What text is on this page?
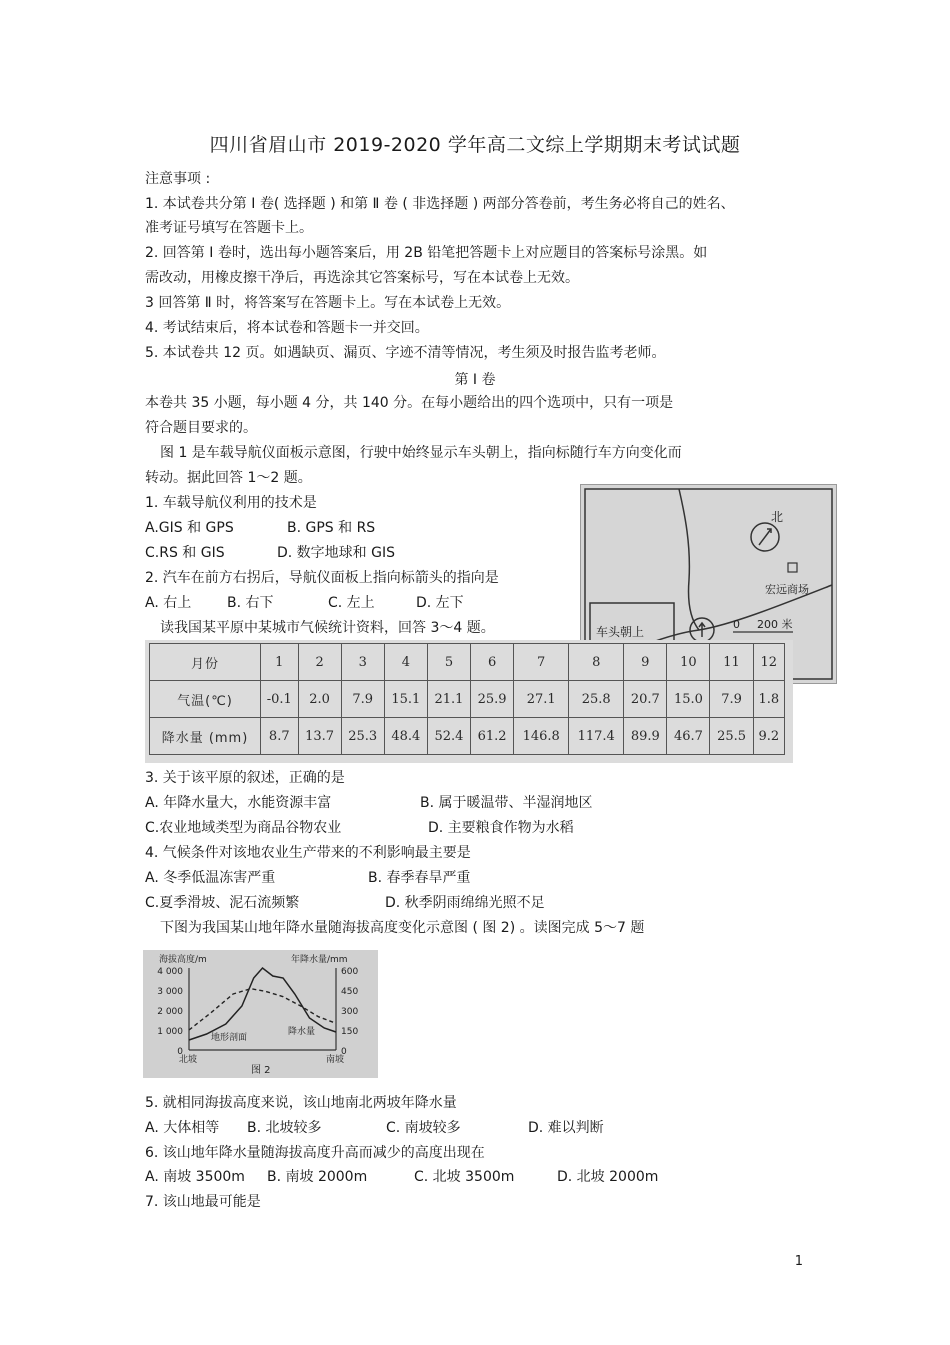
四川省眉山市 2019-2020 学年高二文综上学期期末考试试题
注意事项 :
1. 本试卷共分第 Ⅰ 卷( 选择题 ) 和第 Ⅱ 卷 ( 非选择题 ) 两部分答卷前，考生务必将自己的姓名、
准考证号填写在答题卡上。
2. 回答第 Ⅰ 卷时，选出每小题答案后，用 2B 铅笔把答题卡上对应题目的答案标号涂黑。如
需改动，用橡皮擦干净后，再选涂其它答案标号，写在本试卷上无效。
3 回答第 Ⅱ 时，将答案写在答题卡上。写在本试卷上无效。
4. 考试结束后，将本试卷和答题卡一并交回。
5. 本试卷共 12 页。如遇缺页、漏页、字迹不清等情况，考生须及时报告监考老师。
第 Ⅰ 卷
本卷共 35 小题，每小题 4 分，共 140 分。在每小题给出的四个选项中，只有一项是
符合题目要求的。
图 1 是车载导航仪面板示意图，行驶中始终显示车头朝上，指向标随行车方向变化而
转动。据此回答 1～2 题。
1. 车载导航仪利用的技术是
A.GIS 和 GPS	B. GPS 和 RS
C.RS 和 GIS	D. 数字地球和 GIS
2. 汽车在前方右拐后，导航仪面板上指向标箭头的指向是
A. 右上	B. 右下	C. 左上	D. 左下
读我国某平原中某城市气候统计资料，回答 3～4 题。
北
宏远商场
车头朝上
0 200 米
月份	1	2	3	4	5	6	7	8	9	10	11	12
气温(℃)	-0.1	2.0	7.9	15.1	21.1	25.9	27.1	25.8	20.7	15.0	7.9	1.8
降水量 (mm)	8.7	13.7	25.3	48.4	52.4	61.2	146.8	117.4	89.9	46.7	25.5	9.2
3. 关于该平原的叙述，正确的是
A. 年降水量大，水能资源丰富	B. 属于暖温带、半湿润地区
C.农业地域类型为商品谷物农业	D. 主要粮食作物为水稻
4. 气候条件对该地农业生产带来的不利影响最主要是
A. 冬季低温冻害严重	B. 春季春旱严重
C.夏季滑坡、泥石流频繁	D. 秋季阴雨绵绵光照不足
下图为我国某山地年降水量随海拔高度变化示意图 ( 图 2) 。读图完成 5～7 题
海拔高度/m	年降水量/mm
1 000
2 000
3 000
4 000
0
600
450
300
150
0
地形剖面
降水量
北坡	南坡
图 2
5. 就相同海拔高度来说，该山地南北两坡年降水量
A. 大体相等 B. 北坡较多	C. 南坡较多	D. 难以判断
6. 该山地年降水量随海拔高度升高而减少的高度出现在
A. 南坡 3500m B. 南坡 2000m	C. 北坡 3500m	D. 北坡 2000m
7. 该山地最可能是
1
